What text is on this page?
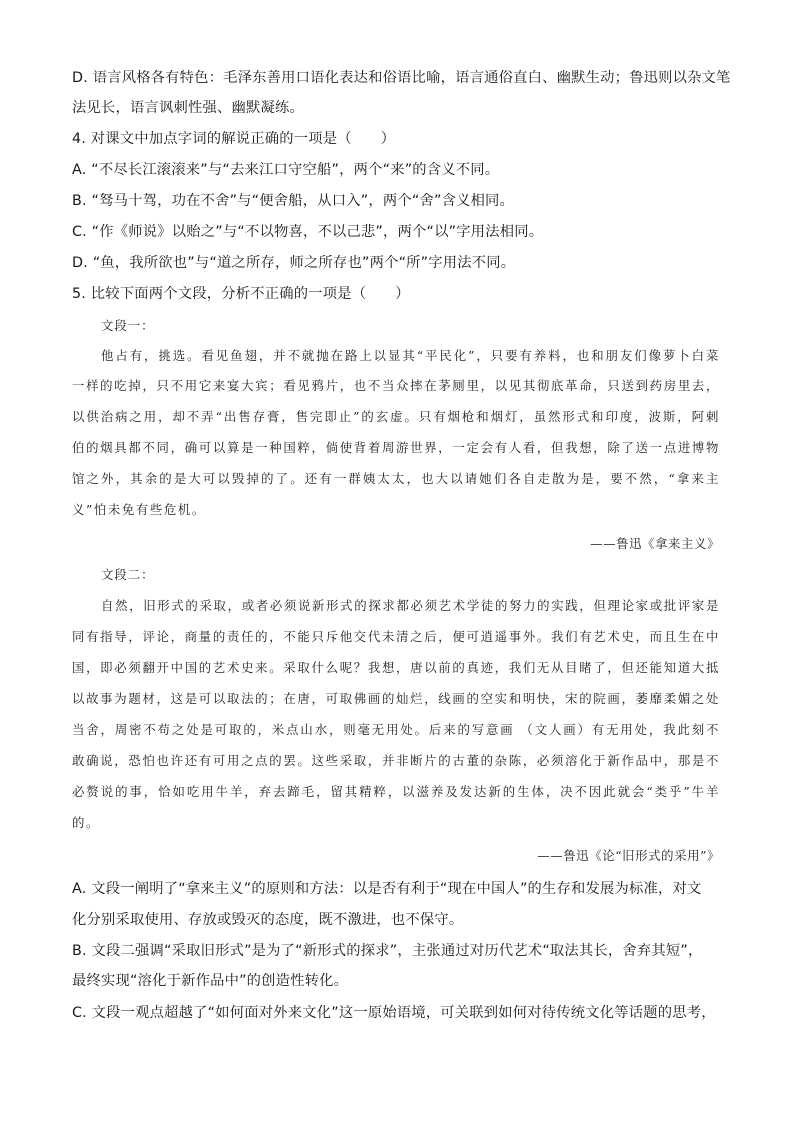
D. 语言风格各有特色：毛泽东善用口语化表达和俗语比喻，语言通俗直白、幽默生动；鲁迅则以杂文笔
法见长，语言讽刺性强、幽默凝练。
4. 对课文中加点字词的解说正确的一项是（　　）
A. “不尽长江滚滚来”与“去来江口守空船”，两个“来”的含义不同。
B. “驽马十驾，功在不舍”与“便舍船，从口入”，两个“舍”含义相同。
C. “作《师说》以贻之”与“不以物喜，不以己悲”，两个“以”字用法相同。
D. “鱼，我所欲也”与“道之所存，师之所存也”两个“所”字用法不同。
5. 比较下面两个文段，分析不正确的一项是（　　）
文段一：
他占有，挑选。看见鱼翅，并不就抛在路上以显其“平民化”，只要有养料，也和朋友们像萝卜白菜
一样的吃掉，只不用它来宴大宾；看见鸦片，也不当众摔在茅厕里，以见其彻底革命，只送到药房里去，
以供治病之用，却不弄“出售存膏，售完即止”的玄虚。只有烟枪和烟灯，虽然形式和印度，波斯，阿剌
伯的烟具都不同，确可以算是一种国粹，倘使背着周游世界，一定会有人看，但我想，除了送一点进博物
馆之外，其余的是大可以毁掉的了。还有一群姨太太，也大以请她们各自走散为是，要不然，“拿来主
义”怕未免有些危机。
——鲁迅《拿来主义》
文段二：
自然，旧形式的采取，或者必须说新形式的探求都必须艺术学徒的努力的实践，但理论家或批评家是
同有指导，评论，商量的责任的，不能只斥他交代未清之后，便可逍遥事外。我们有艺术史，而且生在中
国，即必须翻开中国的艺术史来。采取什么呢？我想，唐以前的真迹，我们无从目睹了，但还能知道大抵
以故事为题材，这是可以取法的；在唐，可取佛画的灿烂，线画的空实和明快，宋的院画，萎靡柔媚之处
当舍，周密不苟之处是可取的，米点山水，则毫无用处。后来的写意画 （文人画）有无用处，我此刻不
敢确说，恐怕也许还有可用之点的罢。这些采取，并非断片的古董的杂陈，必须溶化于新作品中，那是不
必赘说的事，恰如吃用牛羊，弃去蹄毛，留其精粹，以滋养及发达新的生体，决不因此就会“类乎”牛羊
的。
——鲁迅《论“旧形式的采用”》
A. 文段一阐明了“拿来主义”的原则和方法：以是否有利于“现在中国人”的生存和发展为标准，对文
化分别采取使用、存放或毁灭的态度，既不激进，也不保守。
B. 文段二强调“采取旧形式”是为了“新形式的探求”，主张通过对历代艺术“取法其长，舍弃其短”，
最终实现“溶化于新作品中”的创造性转化。
C. 文段一观点超越了“如何面对外来文化”这一原始语境，可关联到如何对待传统文化等话题的思考，
